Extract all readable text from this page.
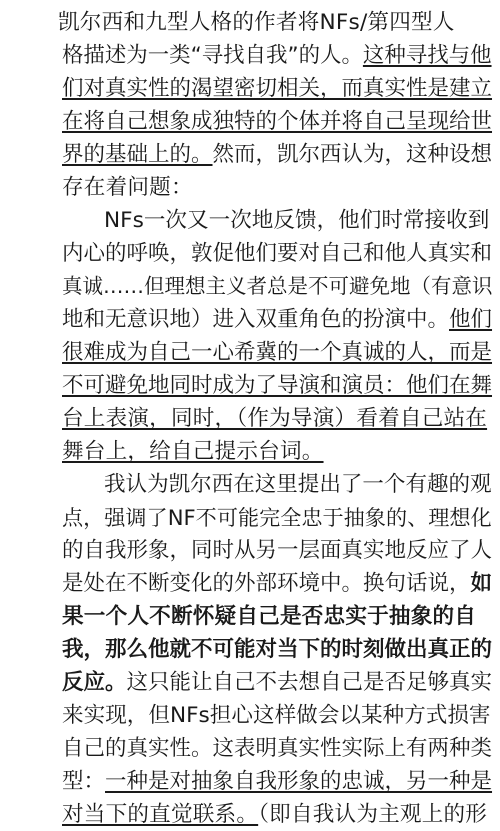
凯尔西和九型人格的作者将NFs/第四型人
格描述为一类“寻找自我”的人。这种寻找与他
们对真实性的渴望密切相关，而真实性是建立
在将自己想象成独特的个体并将自己呈现给世
界的基础上的。然而，凯尔西认为，这种设想
存在着问题：
NFs一次又一次地反馈，他们时常接收到
内心的呼唤，敦促他们要对自己和他人真实和
真诚……但理想主义者总是不可避免地（有意识
地和无意识地）进入双重角色的扮演中。他们
很难成为自己一心希冀的一个真诚的人，而是
不可避免地同时成为了导演和演员：他们在舞
台上表演，同时，（作为导演）看着自己站在
舞台上，给自己提示台词。
我认为凯尔西在这里提出了一个有趣的观
点，强调了NF不可能完全忠于抽象的、理想化
的自我形象，同时从另一层面真实地反应了人
是处在不断变化的外部环境中。换句话说，如
果一个人不断怀疑自己是否忠实于抽象的自
我，那么他就不可能对当下的时刻做出真正的
反应。这只能让自己不去想自己是否足够真实
来实现，但NFs担心这样做会以某种方式损害
自己的真实性。这表明真实性实际上有两种类
型：一种是对抽象自我形象的忠诚，另一种是
对当下的直觉联系。（即自我认为主观上的形
